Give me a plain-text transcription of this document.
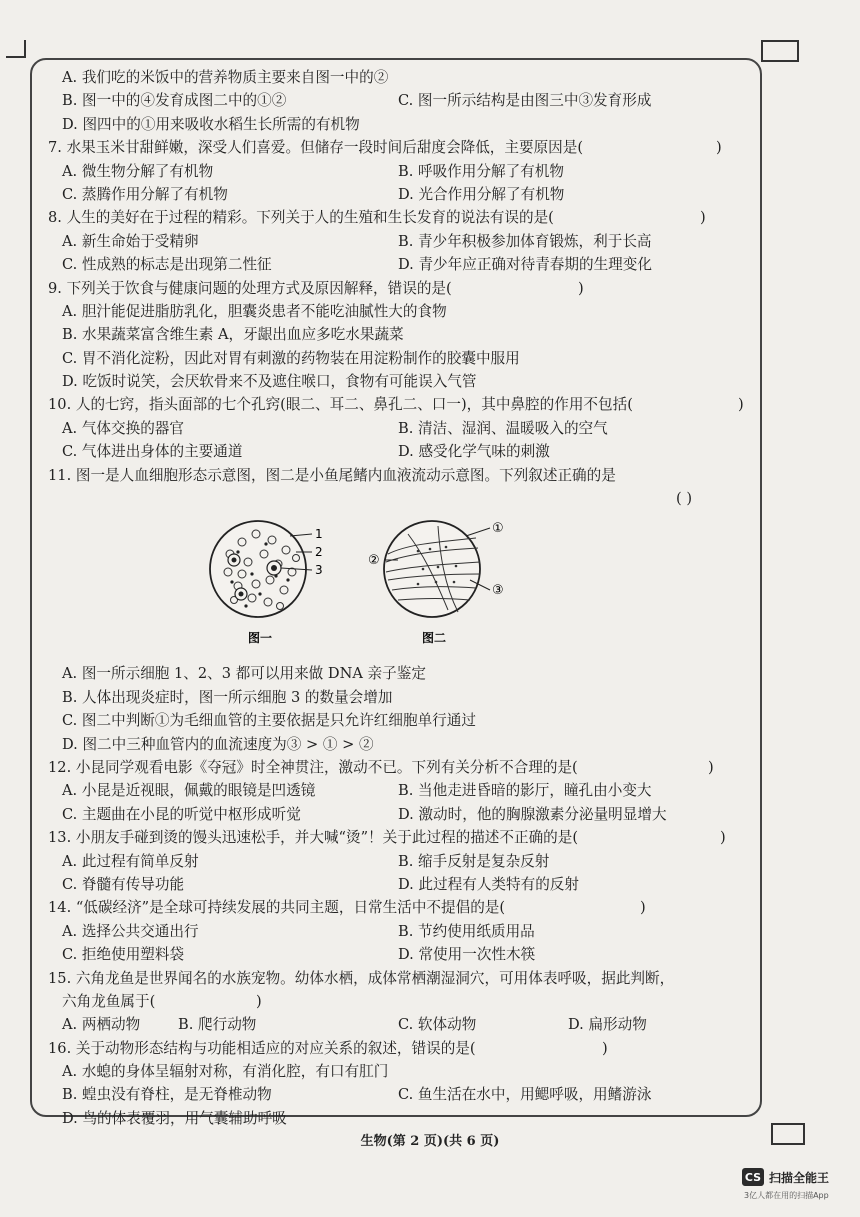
A. 我们吃的米饭中的营养物质主要来自图一中的②
B. 图一中的④发育成图二中的①②	C. 图一所示结构是由图三中③发育形成
D. 图四中的①用来吸收水稻生长所需的有机物
7. 水果玉米甘甜鲜嫩，深受人们喜爱。但储存一段时间后甜度会降低，主要原因是(	)
A. 微生物分解了有机物	B. 呼吸作用分解了有机物
C. 蒸腾作用分解了有机物	D. 光合作用分解了有机物
8. 人生的美好在于过程的精彩。下列关于人的生殖和生长发育的说法有误的是(	)
A. 新生命始于受精卵	B. 青少年积极参加体育锻炼，利于长高
C. 性成熟的标志是出现第二性征	D. 青少年应正确对待青春期的生理变化
9. 下列关于饮食与健康问题的处理方式及原因解释，错误的是(	)
A. 胆汁能促进脂肪乳化，胆囊炎患者不能吃油腻性大的食物
B. 水果蔬菜富含维生素 A，牙龈出血应多吃水果蔬菜
C. 胃不消化淀粉，因此对胃有刺激的药物装在用淀粉制作的胶囊中服用
D. 吃饭时说笑，会厌软骨来不及遮住喉口，食物有可能误入气管
10. 人的七窍，指头面部的七个孔窍(眼二、耳二、鼻孔二、口一)，其中鼻腔的作用不包括(	)
A. 气体交换的器官	B. 清洁、湿润、温暖吸入的空气
C. 气体进出身体的主要通道	D. 感受化学气味的刺激
11. 图一是人血细胞形态示意图，图二是小鱼尾鳍内血液流动示意图。下列叙述正确的是
( )
1
2
3
图一
①
②
③
图二
A. 图一所示细胞 1、2、3 都可以用来做 DNA 亲子鉴定
B. 人体出现炎症时，图一所示细胞 3 的数量会增加
C. 图二中判断①为毛细血管的主要依据是只允许红细胞单行通过
D. 图二中三种血管内的血流速度为③ > ① > ②
12. 小昆同学观看电影《夺冠》时全神贯注，激动不已。下列有关分析不合理的是(	)
A. 小昆是近视眼，佩戴的眼镜是凹透镜	B. 当他走进昏暗的影厅，瞳孔由小变大
C. 主题曲在小昆的听觉中枢形成听觉	D. 激动时，他的胸腺激素分泌量明显增大
13. 小朋友手碰到烫的馒头迅速松手，并大喊“烫”！关于此过程的描述不正确的是(	)
A. 此过程有简单反射	B. 缩手反射是复杂反射
C. 脊髓有传导功能	D. 此过程有人类特有的反射
14. “低碳经济”是全球可持续发展的共同主题，日常生活中不提倡的是(	)
A. 选择公共交通出行	B. 节约使用纸质用品
C. 拒绝使用塑料袋	D. 常使用一次性木筷
15. 六角龙鱼是世界闻名的水族宠物。幼体水栖，成体常栖潮湿洞穴，可用体表呼吸，据此判断，
六角龙鱼属于(	)
A. 两栖动物	B. 爬行动物	C. 软体动物	D. 扁形动物
16. 关于动物形态结构与功能相适应的对应关系的叙述，错误的是(	)
A. 水螅的身体呈辐射对称，有消化腔，有口有肛门
B. 蝗虫没有脊柱，是无脊椎动物	C. 鱼生活在水中，用鳃呼吸，用鳍游泳
D. 鸟的体表覆羽，用气囊辅助呼吸
生物(第 2 页)(共 6 页)
CS 扫描全能王
3亿人都在用的扫描App
